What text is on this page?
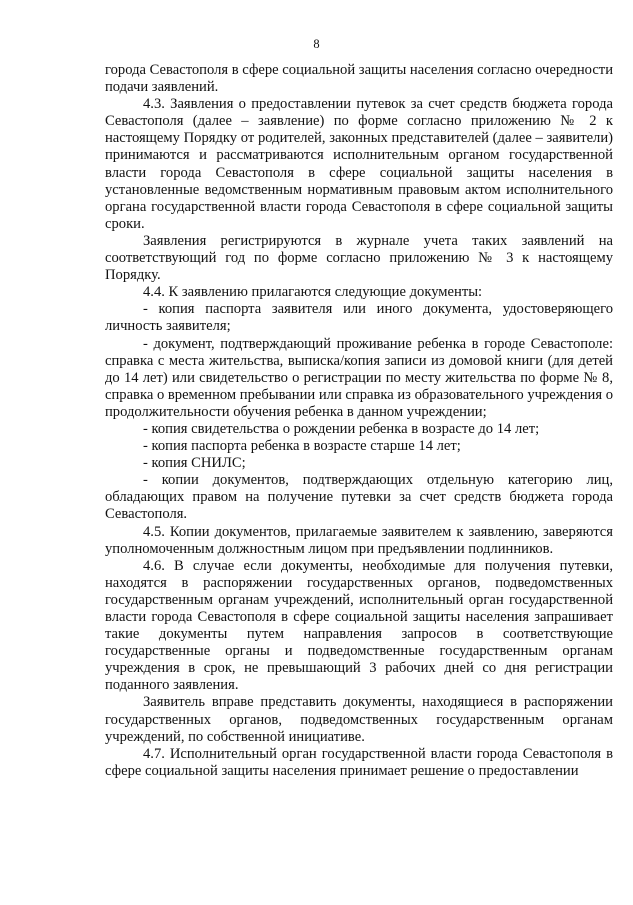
8

города Севастополя в сфере социальной защиты населения согласно очередности подачи заявлений.

4.3. Заявления о предоставлении путевок за счет средств бюджета города Севастополя (далее – заявление) по форме согласно приложению № 2 к настоящему Порядку от родителей, законных представителей (далее – заявители) принимаются и рассматриваются исполнительным органом государственной власти города Севастополя в сфере социальной защиты населения в установленные ведомственным нормативным правовым актом исполнительного органа государственной власти города Севастополя в сфере социальной защиты сроки.

Заявления регистрируются в журнале учета таких заявлений на соответствующий год по форме согласно приложению № 3 к настоящему Порядку.

4.4. К заявлению прилагаются следующие документы:

- копия паспорта заявителя или иного документа, удостоверяющего личность заявителя;

- документ, подтверждающий проживание ребенка в городе Севастополе: справка с места жительства, выписка/копия записи из домовой книги (для детей до 14 лет) или свидетельство о регистрации по месту жительства по форме № 8, справка о временном пребывании или справка из образовательного учреждения о продолжительности обучения ребенка в данном учреждении;

- копия свидетельства о рождении ребенка в возрасте до 14 лет;

- копия паспорта ребенка в возрасте старше 14 лет;

- копия СНИЛС;

- копии документов, подтверждающих отдельную категорию лиц, обладающих правом на получение путевки за счет средств бюджета города Севастополя.

4.5. Копии документов, прилагаемые заявителем к заявлению, заверяются уполномоченным должностным лицом при предъявлении подлинников.

4.6. В случае если документы, необходимые для получения путевки, находятся в распоряжении государственных органов, подведомственных государственным органам учреждений, исполнительный орган государственной власти города Севастополя в сфере социальной защиты населения запрашивает такие документы путем направления запросов в соответствующие государственные органы и подведомственные государственным органам учреждения в срок, не превышающий 3 рабочих дней со дня регистрации поданного заявления.

Заявитель вправе представить документы, находящиеся в распоряжении государственных органов, подведомственных государственным органам учреждений, по собственной инициативе.

4.7. Исполнительный орган государственной власти города Севастополя в сфере социальной защиты населения принимает решение о предоставлении
